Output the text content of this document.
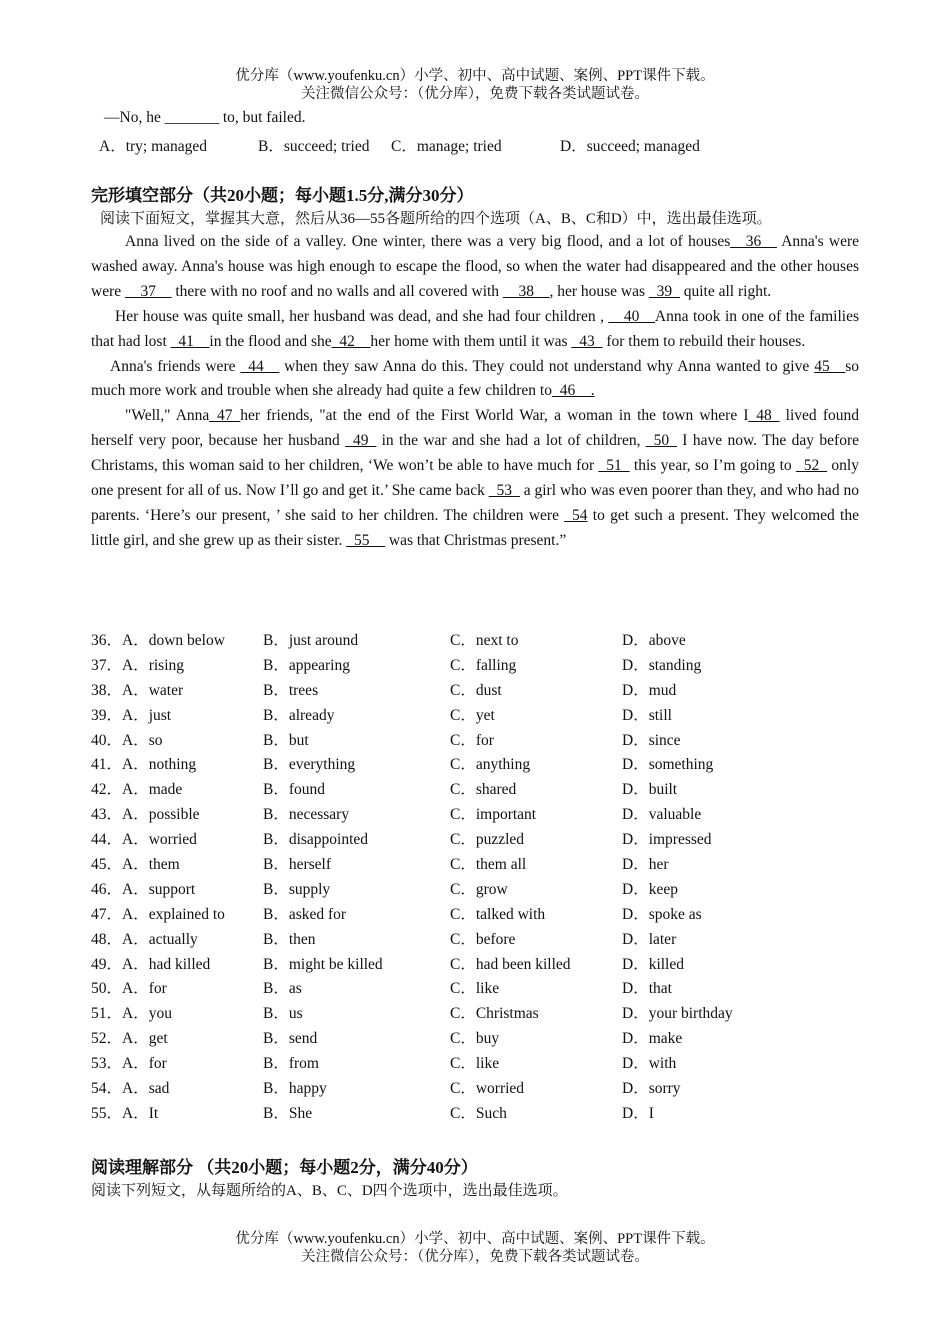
优分库（www.youfenku.cn）小学、初中、高中试题、案例、PPT课件下载。
关注微信公众号：（优分库），免费下载各类试题试卷。
—No, he _______ to, but failed.
A．try; managed	B．succeed; tried C．manage; tried	D．succeed; managed
完形填空部分（共20小题；每小题1.5分,满分30分）
阅读下面短文，掌握其大意，然后从36—55各题所给的四个选项（A、B、C和D）中，选出最佳选项。

Anna lived on the side of a valley. One winter, there was a very big flood, and a lot of houses__36__ Anna's were washed away. Anna's house was high enough to escape the flood, so when the water had disappeared and the other houses were __37__ there with no roof and no walls and all covered with __38__, her house was _39_ quite all right.

Her house was quite small, her husband was dead, and she had four children , __40__Anna took in one of the families that had lost _41__in the flood and she_42__her home with them until it was _43_ for them to rebuild their houses.

Anna's friends were _44__ when they saw Anna do this. They could not understand why Anna wanted to give 45__so much more work and trouble when she already had quite a few children to_46__.

"Well," Anna_47_her friends, "at the end of the First World War, a woman in the town where I_48_ lived found herself very poor, because her husband _49_ in the war and she had a lot of children, _50_ I have now. The day before Christams, this woman said to her children, ‘We won’t be able to have much for _51_ this year, so I’m going to _52_ only one present for all of us. Now I’ll go and get it.’ She came back _53_ a girl who was even poorer than they, and who had no parents. ‘Here’s our present, ’ she said to her children. The children were _54 to get such a present. They welcomed the little girl, and she grew up as their sister. _55__ was that Christmas present.”

36．A．down below B．just around	C．next to	D．above
37．A．rising	B．appearing	C．falling	D．standing
38．A．water	B．trees	C．dust	D．mud
39．A．just	B．already	C．yet	D．still
40．A．so	B．but	C．for	D．since
41．A．nothing	B．everything	C．anything	D．something
42．A．made	B．found	C．shared	D．built
43．A．possible	B．necessary	C．important	D．valuable
44．A．worried	B．disappointed	C．puzzled	D．impressed
45．A．them	B．herself	C．them all	D．her
46．A．support	B．supply	C．grow	D．keep
47．A．explained to B．asked for	C．talked with	D．spoke as
48．A．actually	B．then	C．before	D．later
49．A．had killed	B．might be killed	C．had been killed	D．killed
50．A．for	B．as	C．like	D．that
51．A．you	B．us	C．Christmas	D．your birthday
52．A．get	B．send	C．buy	D．make
53．A．for	B．from	C．like	D．with
54．A．sad	B．happy	C．worried	D．sorry
55．A．It	B．She	C．Such	D．I
阅读理解部分 （共20小题；每小题2分，满分40分）
阅读下列短文，从每题所给的A、B、C、D四个选项中，选出最佳选项。
优分库（www.youfenku.cn）小学、初中、高中试题、案例、PPT课件下载。
关注微信公众号：（优分库），免费下载各类试题试卷。
